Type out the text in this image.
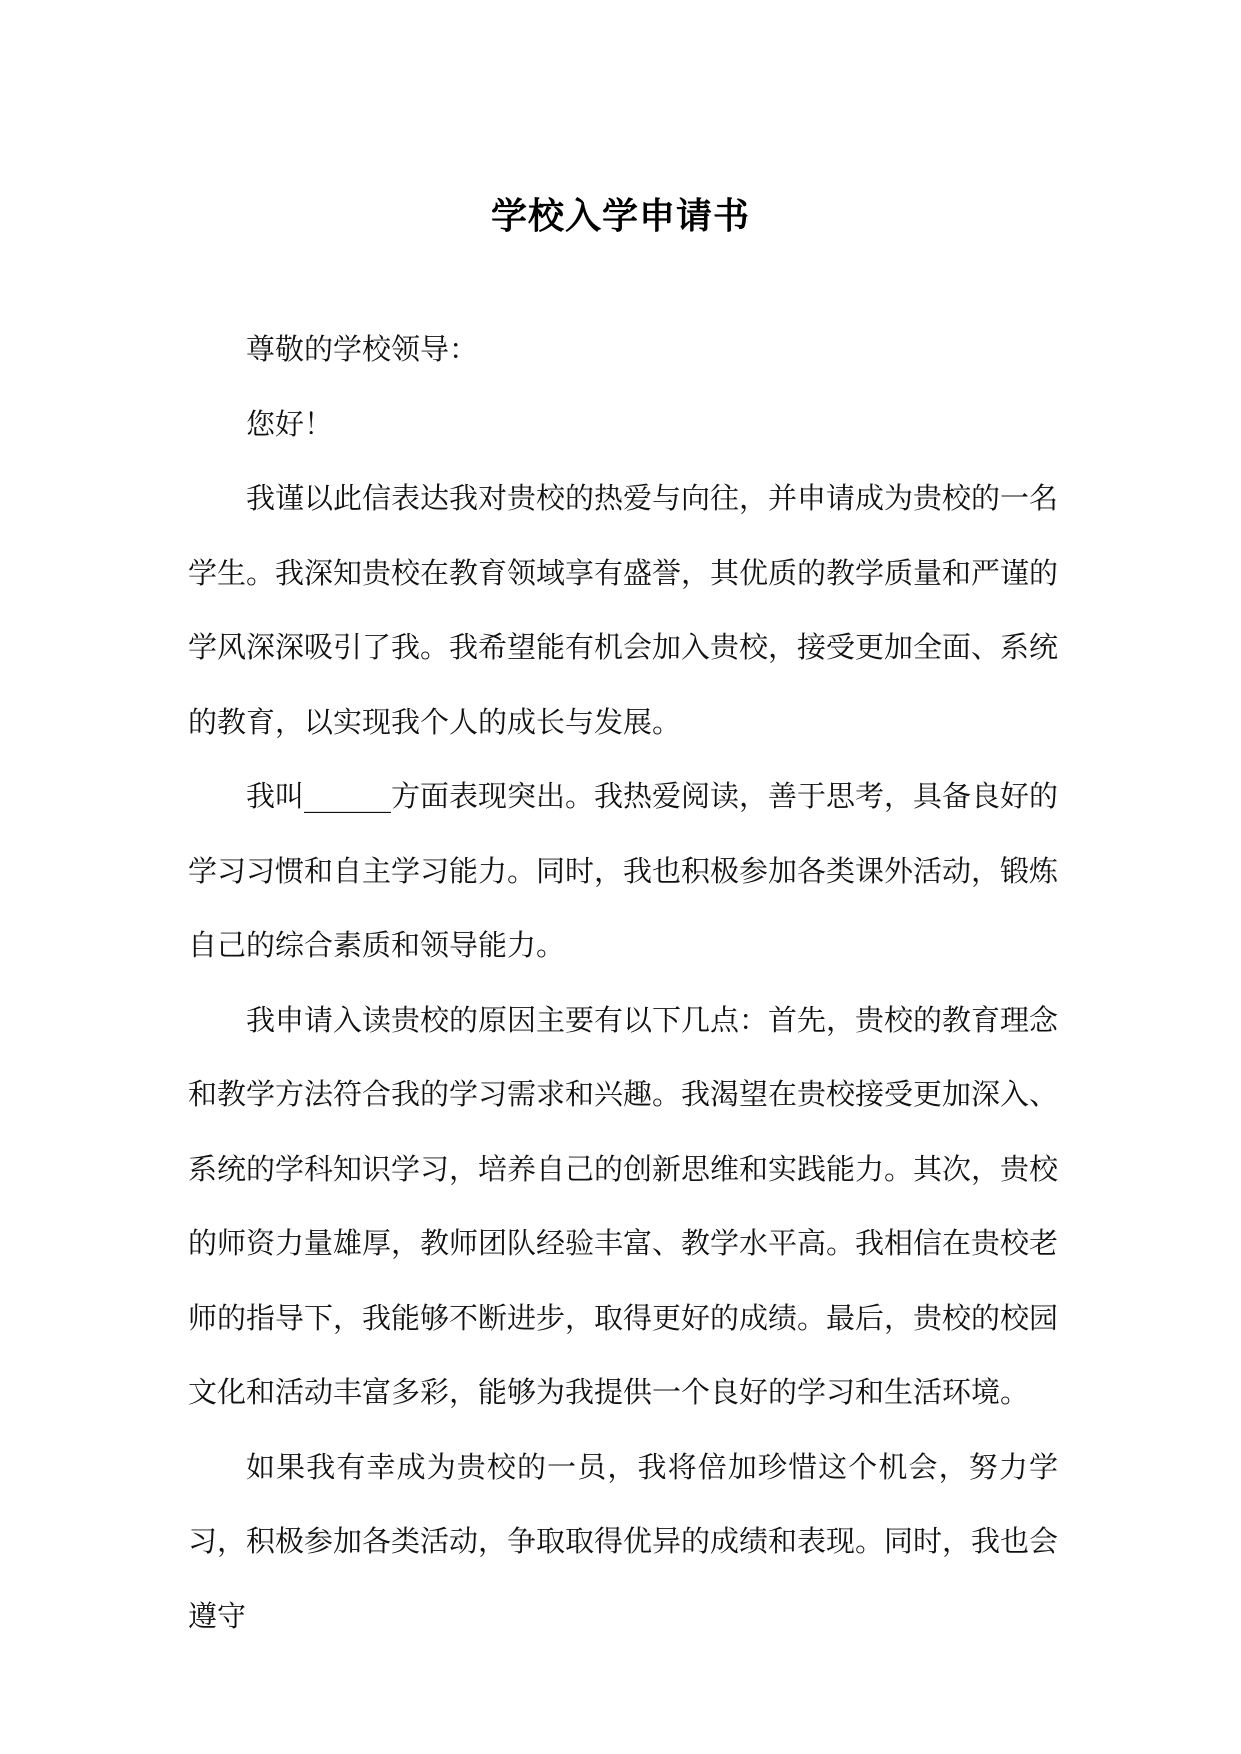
学校入学申请书

尊敬的学校领导：

您好！

我谨以此信表达我对贵校的热爱与向往，并申请成为贵校的一名学生。我深知贵校在教育领域享有盛誉，其优质的教学质量和严谨的学风深深吸引了我。我希望能有机会加入贵校，接受更加全面、系统的教育，以实现我个人的成长与发展。

我叫______方面表现突出。我热爱阅读，善于思考，具备良好的学习习惯和自主学习能力。同时，我也积极参加各类课外活动，锻炼自己的综合素质和领导能力。

我申请入读贵校的原因主要有以下几点：首先，贵校的教育理念和教学方法符合我的学习需求和兴趣。我渴望在贵校接受更加深入、系统的学科知识学习，培养自己的创新思维和实践能力。其次，贵校的师资力量雄厚，教师团队经验丰富、教学水平高。我相信在贵校老师的指导下，我能够不断进步，取得更好的成绩。最后，贵校的校园文化和活动丰富多彩，能够为我提供一个良好的学习和生活环境。

如果我有幸成为贵校的一员，我将倍加珍惜这个机会，努力学习，积极参加各类活动，争取取得优异的成绩和表现。同时，我也会遵守
